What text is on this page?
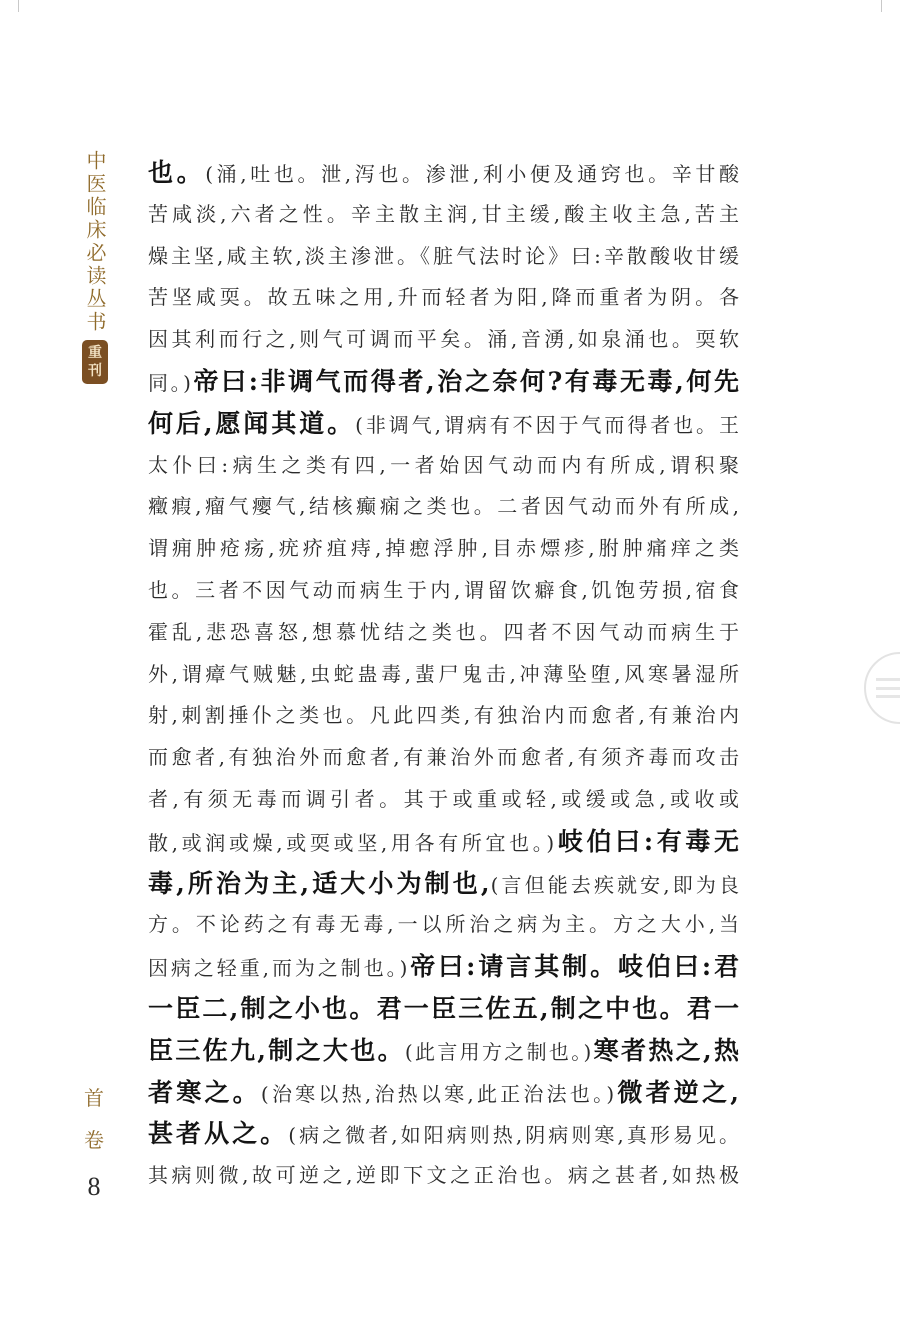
中医临床必读丛书
重
刊
首
卷
8
也。(涌,吐也。泄,泻也。渗泄,利小便及通窍也。辛甘酸
苦咸淡,六者之性。辛主散主润,甘主缓,酸主收主急,苦主
燥主坚,咸主软,淡主渗泄。《脏气法时论》曰:辛散酸收甘缓
苦坚咸耎。故五味之用,升而轻者为阳,降而重者为阴。各
因其利而行之,则气可调而平矣。涌,音湧,如泉涌也。耎软
同。)帝曰:非调气而得者,治之奈何?有毒无毒,何先
何后,愿闻其道。(非调气,谓病有不因于气而得者也。王
太仆曰:病生之类有四,一者始因气动而内有所成,谓积聚
癥瘕,瘤气瘿气,结核癫痫之类也。二者因气动而外有所成,
谓痈肿疮疡,疣疥疽痔,掉瘛浮肿,目赤熛疹,胕肿痛痒之类
也。三者不因气动而病生于内,谓留饮癖食,饥饱劳损,宿食
霍乱,悲恐喜怒,想慕忧结之类也。四者不因气动而病生于
外,谓瘴气贼魅,虫蛇蛊毒,蜚尸鬼击,冲薄坠堕,风寒暑湿所
射,刺割捶仆之类也。凡此四类,有独治内而愈者,有兼治内
而愈者,有独治外而愈者,有兼治外而愈者,有须齐毒而攻击
者,有须无毒而调引者。其于或重或轻,或缓或急,或收或
散,或润或燥,或耎或坚,用各有所宜也。)岐伯曰:有毒无
毒,所治为主,适大小为制也,(言但能去疾就安,即为良
方。不论药之有毒无毒,一以所治之病为主。方之大小,当
因病之轻重,而为之制也。)帝曰:请言其制。岐伯曰:君
一臣二,制之小也。君一臣三佐五,制之中也。君一
臣三佐九,制之大也。(此言用方之制也。)寒者热之,热
者寒之。(治寒以热,治热以寒,此正治法也。)微者逆之,
甚者从之。(病之微者,如阳病则热,阴病则寒,真形易见。
其病则微,故可逆之,逆即下文之正治也。病之甚者,如热极
